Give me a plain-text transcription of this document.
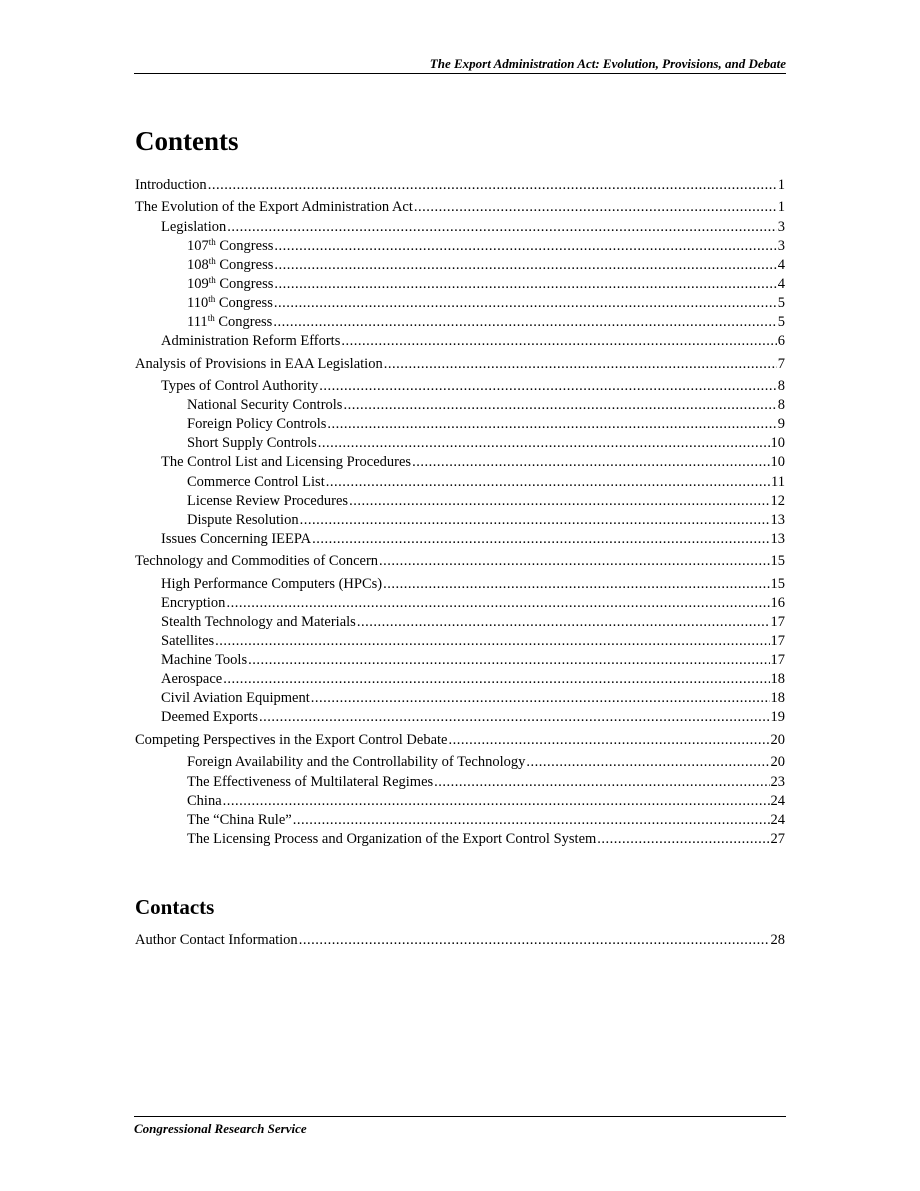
The Export Administration Act: Evolution, Provisions, and Debate
Contents
Introduction .....	1
The Evolution of the Export Administration Act .....	1
Legislation .....	3
107th Congress .....	3
108th Congress .....	4
109th Congress .....	4
110th Congress .....	5
111th Congress .....	5
Administration Reform Efforts .....	6
Analysis of Provisions in EAA Legislation .....	7
Types of Control Authority .....	8
National Security Controls .....	8
Foreign Policy Controls .....	9
Short Supply Controls .....	10
The Control List and Licensing Procedures .....	10
Commerce Control List .....	11
License Review Procedures .....	12
Dispute Resolution .....	13
Issues Concerning IEEPA .....	13
Technology and Commodities of Concern .....	15
High Performance Computers (HPCs) .....	15
Encryption .....	16
Stealth Technology and Materials .....	17
Satellites .....	17
Machine Tools .....	17
Aerospace .....	18
Civil Aviation Equipment .....	18
Deemed Exports .....	19
Competing Perspectives in the Export Control Debate .....	20
Foreign Availability and the Controllability of Technology .....	20
The Effectiveness of Multilateral Regimes .....	23
China .....	24
The “China Rule” .....	24
The Licensing Process and Organization of the Export Control System .....	27
Contacts
Author Contact Information .....	28
Congressional Research Service
